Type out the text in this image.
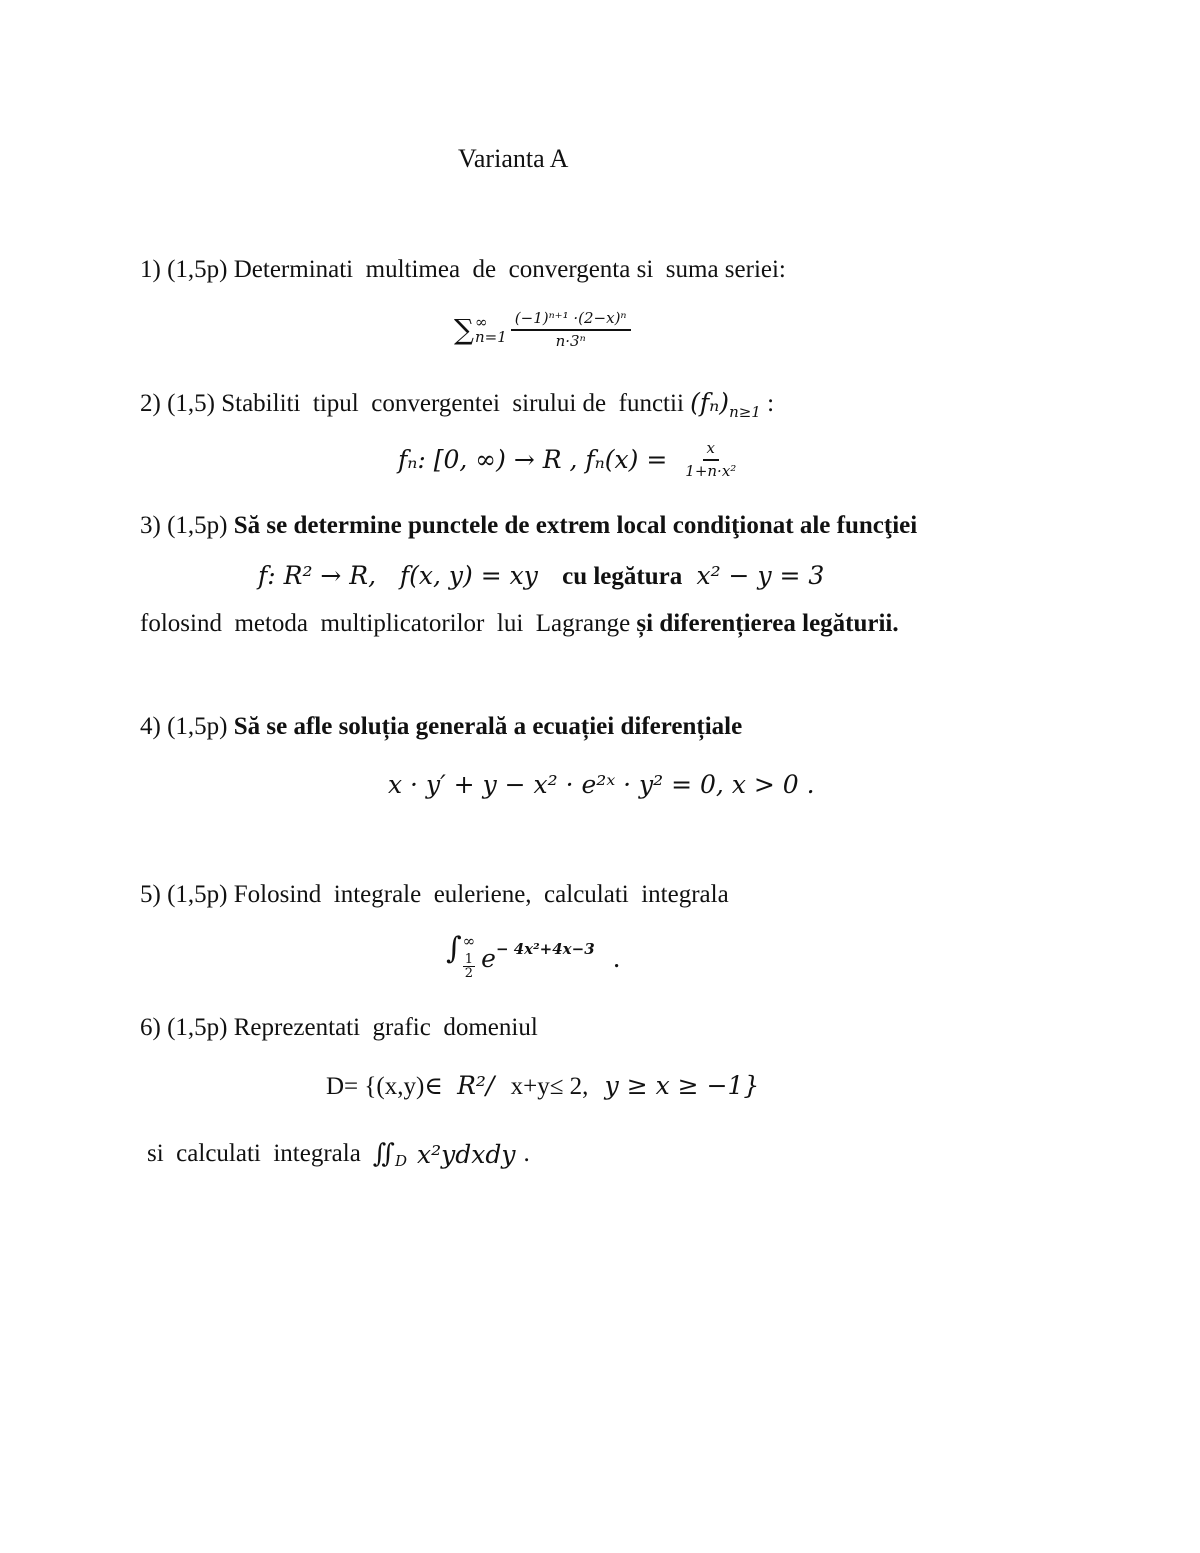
Varianta A
1) (1,5p) Determinati  multimea  de  convergenta si  suma seriei:
∑ ∞
$n=1 \frac{\text{(−1)ⁿ⁺¹ ·(2−x)ⁿ}}{\text{n·3ⁿ}}$
2) (1,5) Stabiliti  tipul  convergentei  sirului de  functii $(f_n)_{n\ge 1}$ :
fₙ: [0, ∞) → R , $f_n(x) = \frac{x}{\text{1+n·x²}}$
3) (1,5p) Să se determine punctele de extrem local condiţionat ale funcţiei
f: R² → R,   f(x, y) = xy cu legătura x² − y = 3
folosind  metoda  multiplicatorilor  lui  Lagrange și diferențierea legăturii.
4) (1,5p) Să se afle soluția generală a ecuației diferențiale
x · y′ + y − x² · e²ˣ · y² = 0, x > 0 .
5) (1,5p) Folosind  integrale  euleriene,  calculati  integrala
∫ ∞
$\frac{1}{2}$ e − 4x²+4x−3 .
6) (1,5p) Reprezentati  grafic  domeniul
D= {(x,y)∈ R²/ x+y≤ 2, y ≥ x ≥ −1}
si  calculati  integrala ∬ D x²ydxdy .
